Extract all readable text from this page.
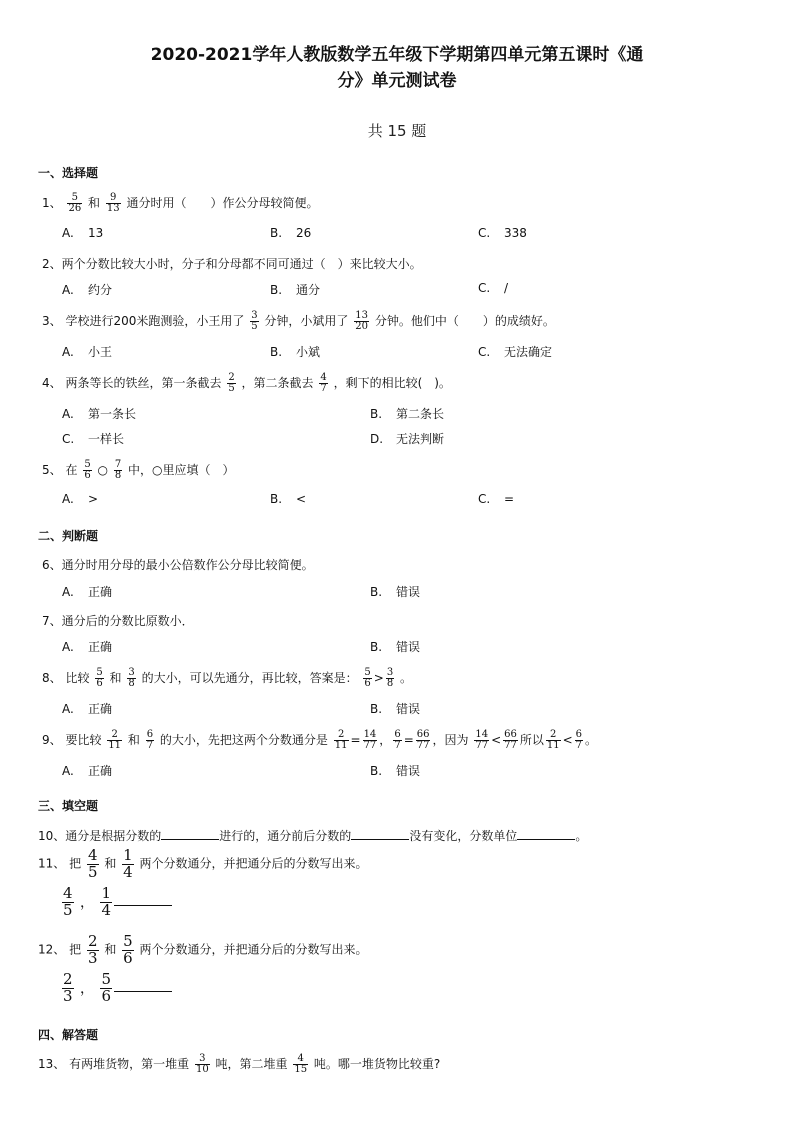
2020-2021学年人教版数学五年级下学期第四单元第五课时《通
分》单元测试卷
共 15 题
一、选择题
1、 $\frac{5}{26}$ 和 $\frac{9}{13}$ 通分时用（　　）作公分母较简便。
A. 13	B. 26	C. 338
2、两个分数比较大小时，分子和分母都不同可通过（　）来比较大小。
A. 约分	B. 通分	C. /
3、 学校进行200米跑测验，小王用了 $\frac{3}{5}$ 分钟，小斌用了 $\frac{13}{20}$ 分钟。他们中（　　）的成绩好。
A. 小王	B. 小斌	C. 无法确定
4、 两条等长的铁丝，第一条截去 $\frac{2}{5}$ ，第二条截去 $\frac{4}{7}$ ，剩下的相比较(　)。
A. 第一条长	B. 第二条长
C. 一样长	D. 无法判断
5、 在 $\frac{5}{6}$ ○ $\frac{7}{8}$ 中，○里应填（　）
A. >	B. <	C. =
二、判断题
6、通分时用分母的最小公倍数作公分母比较简便。
A. 正确	B. 错误
7、通分后的分数比原数小．
A. 正确	B. 错误
8、 比较 $\frac{5}{6}$ 和 $\frac{3}{8}$ 的大小，可以先通分，再比较，答案是： $\frac{5}{6} > \frac{3}{8}$ 。
A. 正确	B. 错误
9、 要比较 $\frac{2}{11}$ 和 $\frac{6}{7}$ 的大小，先把这两个分数通分是 $\frac{2}{11} = \frac{14}{77}$ ， $\frac{6}{7} = \frac{66}{77}$ ，因为 $\frac{14}{77} < \frac{66}{77}$ 所以 $\frac{2}{11} < \frac{6}{7}$ 。
A. 正确	B. 错误
三、填空题
10、通分是根据分数的	进行的，通分前后分数的	没有变化，分数单位	。
11、 把 $\frac{4}{5}$ 和 $\frac{1}{4}$ 两个分数通分，并把通分后的分数写出来。
$\frac{4}{5}$ ， $\frac{1}{4}$
12、 把 $\frac{2}{3}$ 和 $\frac{5}{6}$ 两个分数通分，并把通分后的分数写出来。
$\frac{2}{3}$ ， $\frac{5}{6}$
四、解答题
13、 有两堆货物，第一堆重 $\frac{3}{10}$ 吨，第二堆重 $\frac{4}{15}$ 吨。哪一堆货物比较重?
